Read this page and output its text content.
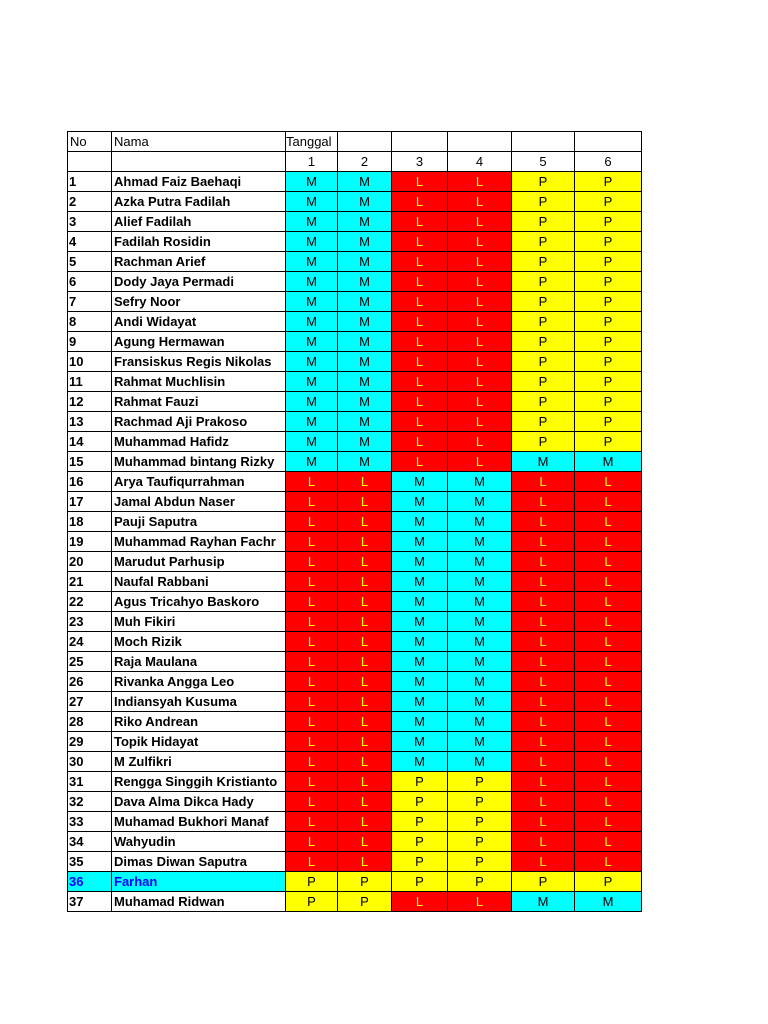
No	Nama	Tanggal					
		1	2	3	4	5	6
1	Ahmad Faiz Baehaqi	M	M	L	L	P	P
2	Azka Putra Fadilah	M	M	L	L	P	P
3	Alief Fadilah	M	M	L	L	P	P
4	Fadilah Rosidin	M	M	L	L	P	P
5	Rachman Arief	M	M	L	L	P	P
6	Dody Jaya Permadi	M	M	L	L	P	P
7	Sefry Noor	M	M	L	L	P	P
8	Andi Widayat	M	M	L	L	P	P
9	Agung Hermawan	M	M	L	L	P	P
10	Fransiskus Regis Nikolas	M	M	L	L	P	P
11	Rahmat Muchlisin	M	M	L	L	P	P
12	Rahmat Fauzi	M	M	L	L	P	P
13	Rachmad Aji Prakoso	M	M	L	L	P	P
14	Muhammad Hafidz	M	M	L	L	P	P
15	Muhammad bintang Rizky	M	M	L	L	M	M
16	Arya Taufiqurrahman	L	L	M	M	L	L
17	Jamal Abdun Naser	L	L	M	M	L	L
18	Pauji Saputra	L	L	M	M	L	L
19	Muhammad Rayhan Fachr	L	L	M	M	L	L
20	Marudut Parhusip	L	L	M	M	L	L
21	Naufal Rabbani	L	L	M	M	L	L
22	Agus Tricahyo Baskoro	L	L	M	M	L	L
23	Muh Fikiri	L	L	M	M	L	L
24	Moch Rizik	L	L	M	M	L	L
25	Raja Maulana	L	L	M	M	L	L
26	Rivanka Angga Leo	L	L	M	M	L	L
27	Indiansyah Kusuma	L	L	M	M	L	L
28	Riko Andrean	L	L	M	M	L	L
29	Topik Hidayat	L	L	M	M	L	L
30	M Zulfikri	L	L	M	M	L	L
31	Rengga Singgih Kristianto	L	L	P	P	L	L
32	Dava Alma Dikca Hady	L	L	P	P	L	L
33	Muhamad Bukhori Manaf	L	L	P	P	L	L
34	Wahyudin	L	L	P	P	L	L
35	Dimas Diwan Saputra	L	L	P	P	L	L
36	Farhan	P	P	P	P	P	P
37	Muhamad Ridwan	P	P	L	L	M	M
